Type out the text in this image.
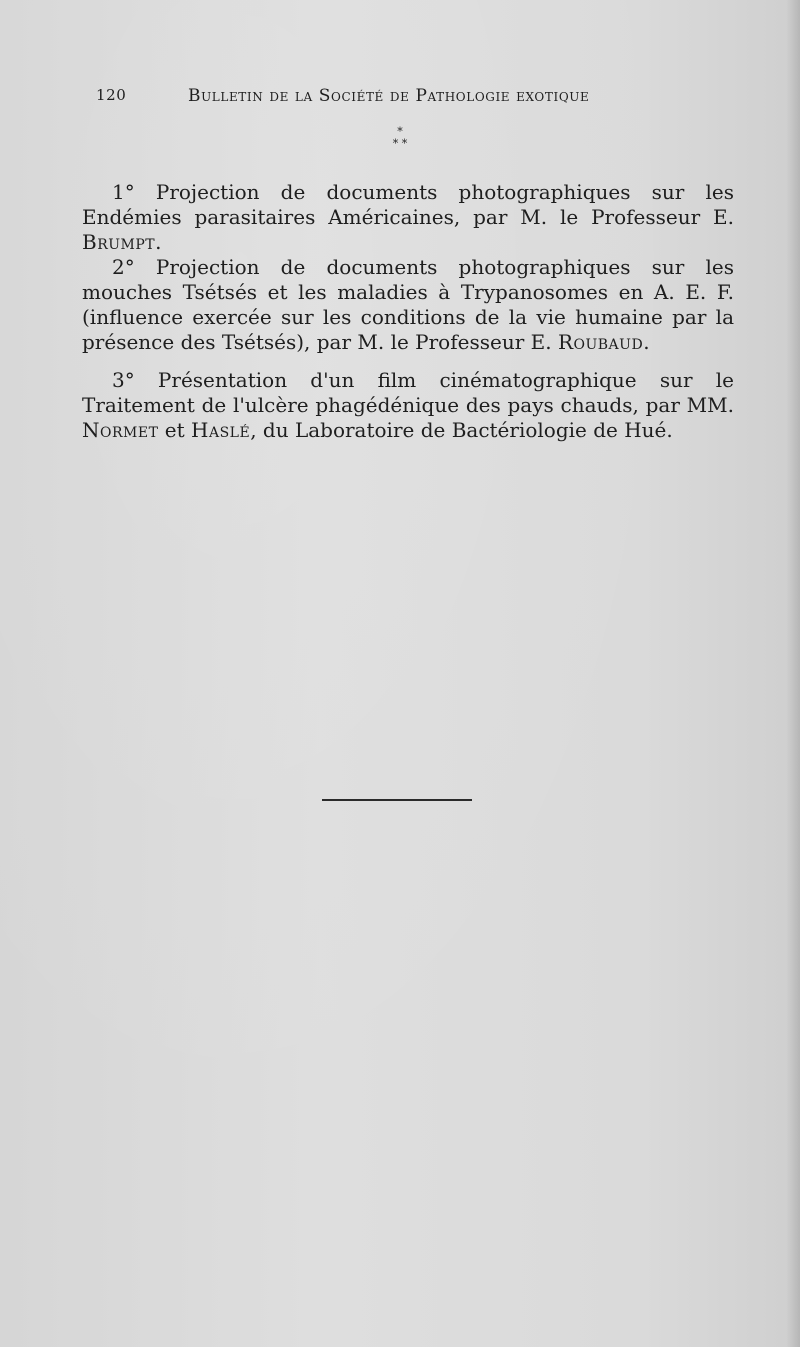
120	Bulletin de la Société de Pathologie exotique
*
* *

1° Projection de documents photographiques sur les Endémies parasitaires Américaines, par M. le Professeur E. Brumpt.

2° Projection de documents photographiques sur les mouches Tsétsés et les maladies à Trypanosomes en A. E. F. (influence exercée sur les conditions de la vie humaine par la présence des Tsétsés), par M. le Professeur E. Roubaud.

3° Présentation d'un film cinématographique sur le Traitement de l'ulcère phagédénique des pays chauds, par MM. Normet et Haslé, du Laboratoire de Bactériologie de Hué.
